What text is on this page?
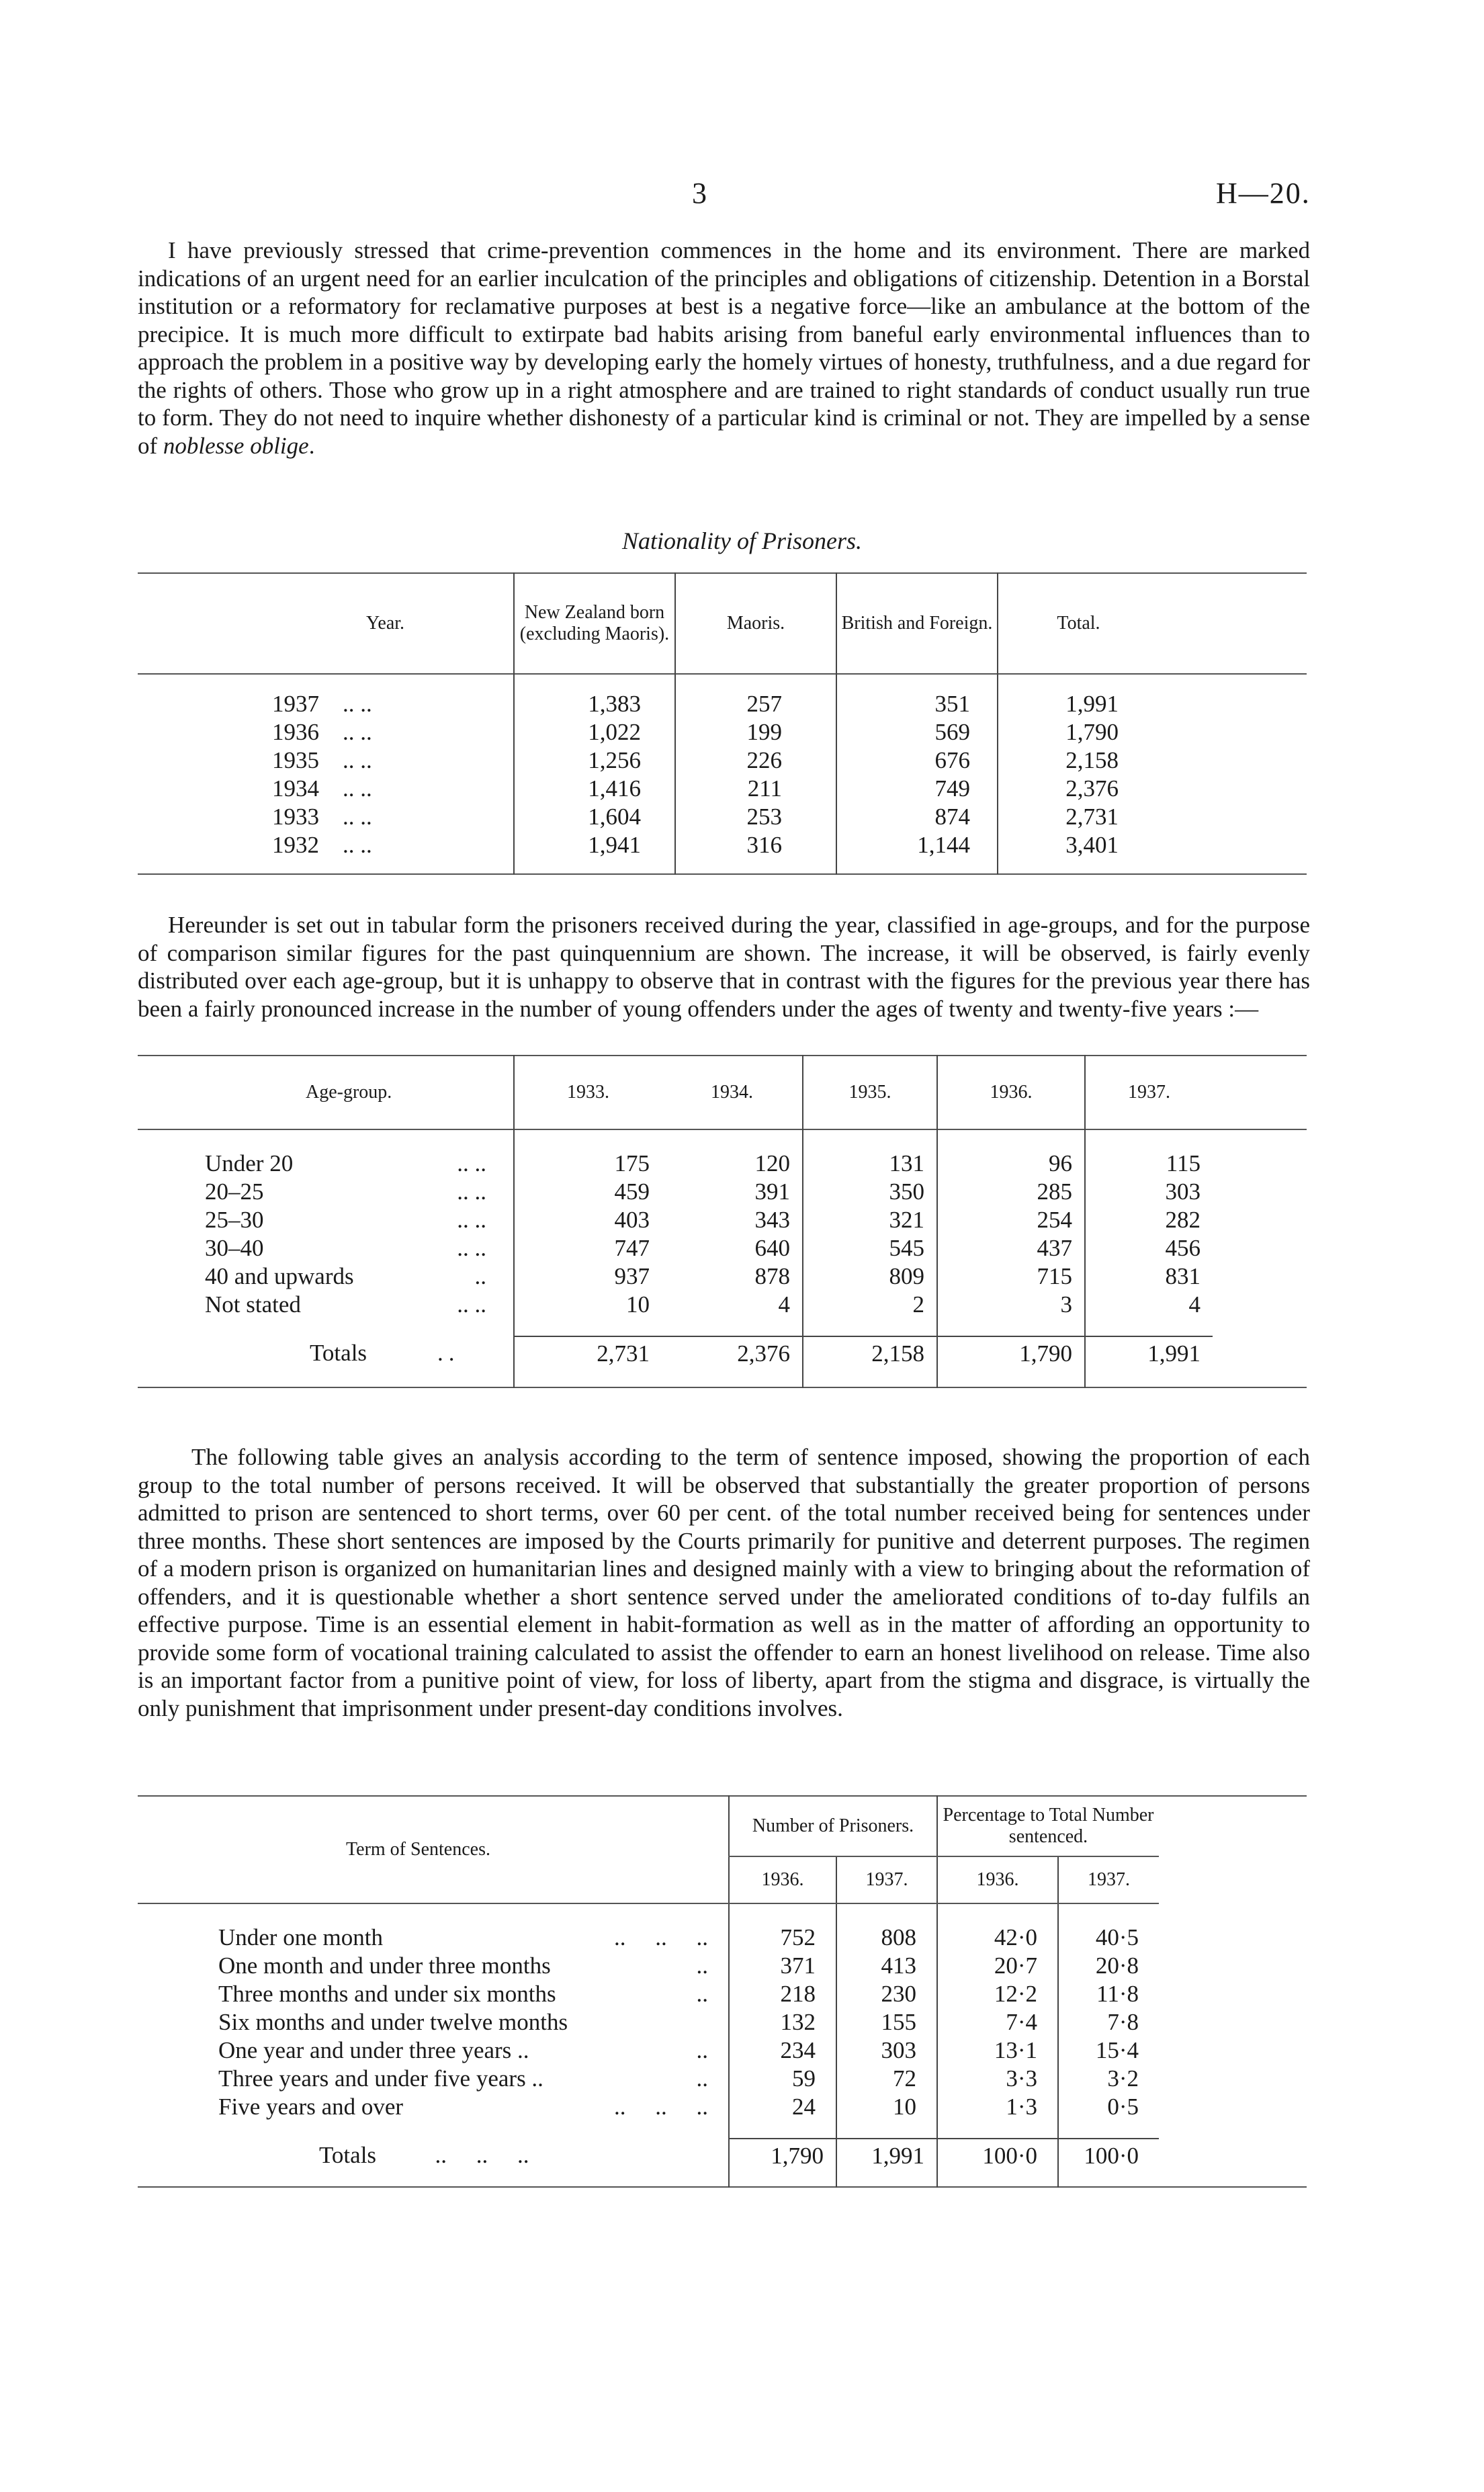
3	H—20.
I have previously stressed that crime-prevention commences in the home and its environment. There are marked indications of an urgent need for an earlier inculcation of the principles and obligations of citizenship. Detention in a Borstal institution or a reformatory for reclamative purposes at best is a negative force—like an ambulance at the bottom of the precipice. It is much more difficult to extirpate bad habits arising from baneful early environmental influences than to approach the problem in a positive way by developing early the homely virtues of honesty, truthfulness, and a due regard for the rights of others. Those who grow up in a right atmosphere and are trained to right standards of conduct usually run true to form. They do not need to inquire whether dishonesty of a particular kind is criminal or not. They are impelled by a sense of noblesse oblige.
Nationality of Prisoners.
Year.	New Zealand born (excluding Maoris).	Maoris.	British and Foreign.	Total.	

1937 .. ..	1,383	257	351	1,991	
1936 .. ..	1,022	199	569	1,790	
1935 .. ..	1,256	226	676	2,158	
1934 .. ..	1,416	211	749	2,376	
1933 .. ..	1,604	253	874	2,731	
1932 .. ..	1,941	316	1,144	3,401	

Hereunder is set out in tabular form the prisoners received during the year, classified in age-groups, and for the purpose of comparison similar figures for the past quinquennium are shown. The increase, it will be observed, is fairly evenly distributed over each age-group, but it is unhappy to observe that in contrast with the figures for the previous year there has been a fairly pronounced increase in the number of young offenders under the ages of twenty and twenty-five years :—
Age-group.	1933.	1934.	1935.	1936.	1937.	

Under 20 .. ..	175	120	131	96	115	
20–25 .. ..	459	391	350	285	303	
25–30 .. ..	403	343	321	254	282	
30–40 .. ..	747	640	545	437	456	
40 and upwards ..	937	878	809	715	831	
Not stated .. ..	10	4	2	3	4	

Totals ..	2,731	2,376	2,158	1,790	1,991	

The following table gives an analysis according to the term of sentence imposed, showing the proportion of each group to the total number of persons received. It will be observed that substantially the greater proportion of persons admitted to prison are sentenced to short terms, over 60 per cent. of the total number received being for sentences under three months. These short sentences are imposed by the Courts primarily for punitive and deterrent purposes. The regimen of a modern prison is organized on humanitarian lines and designed mainly with a view to bringing about the reformation of offenders, and it is questionable whether a short sentence served under the ameliorated conditions of to-day fulfils an effective purpose. Time is an essential element in habit-formation as well as in the matter of affording an opportunity to provide some form of vocational training calculated to assist the offender to earn an honest livelihood on release. Time also is an important factor from a punitive point of view, for loss of liberty, apart from the stigma and disgrace, is virtually the only punishment that imprisonment under present-day conditions involves.
Term of Sentences.	Number of Prisoners.		Percentage to Total Number sentenced.		
	1936.	1937.	1936.	1937.	

Under one month ..     ..     ..	752	808	42·0	40·5	
One month and under three months ..	371	413	20·7	20·8	
Three months and under six months ..	218	230	12·2	11·8	
Six months and under twelve months	132	155	7·4	7·8	
One year and under three years .. ..	234	303	13·1	15·4	
Three years and under five years .. ..	59	72	3·3	3·2	
Five years and over ..     ..     ..	24	10	1·3	0·5	

Totals ..     ..     ..	1,790	1,991	100·0	100·0	
